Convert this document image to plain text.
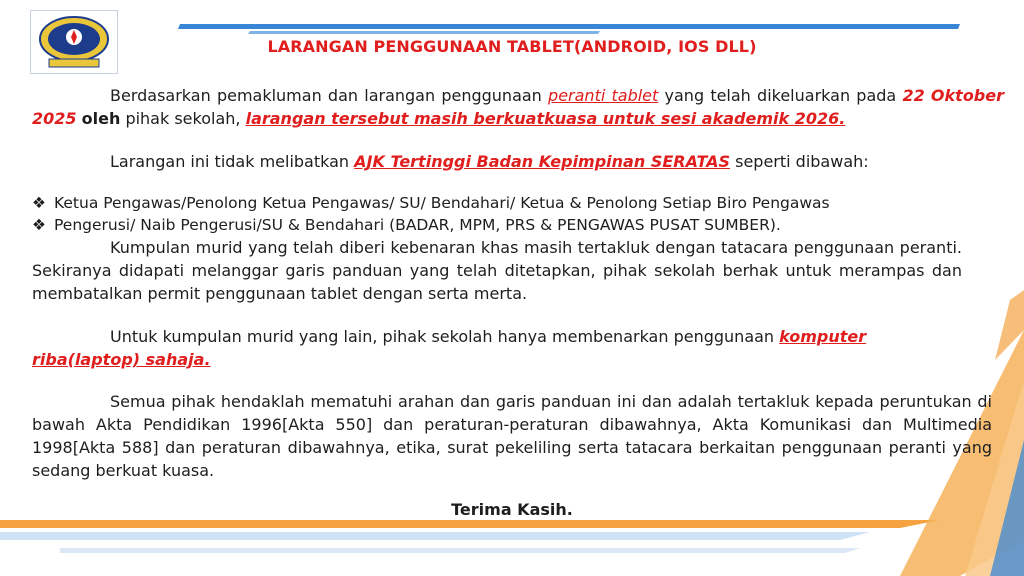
LARANGAN PENGGUNAAN TABLET(ANDROID, IOS DLL)

Berdasarkan pemakluman dan larangan penggunaan peranti tablet yang telah dikeluarkan pada 22 Oktober 2025 oleh pihak sekolah, larangan tersebut masih berkuatkuasa untuk sesi akademik 2026.

Larangan ini tidak melibatkan AJK Tertinggi Badan Kepimpinan SERATAS seperti dibawah:

❖ Ketua Pengawas/Penolong Ketua Pengawas/ SU/ Bendahari/ Ketua & Penolong Setiap Biro Pengawas
❖ Pengerusi/ Naib Pengerusi/SU & Bendahari (BADAR, MPM, PRS & PENGAWAS PUSAT SUMBER).

Kumpulan murid yang telah diberi kebenaran khas masih tertakluk dengan tatacara penggunaan peranti. Sekiranya didapati melanggar garis panduan yang telah ditetapkan, pihak sekolah berhak untuk merampas dan membatalkan permit penggunaan tablet dengan serta merta.

Untuk kumpulan murid yang lain, pihak sekolah hanya membenarkan penggunaan komputer riba(laptop) sahaja.

Semua pihak hendaklah mematuhi arahan dan garis panduan ini dan adalah tertakluk kepada peruntukan di bawah Akta Pendidikan 1996[Akta 550] dan peraturan-peraturan dibawahnya, Akta Komunikasi dan Multimedia 1998[Akta 588] dan peraturan dibawahnya, etika, surat pekeliling serta tatacara berkaitan penggunaan peranti yang sedang berkuat kuasa.

Terima Kasih.
